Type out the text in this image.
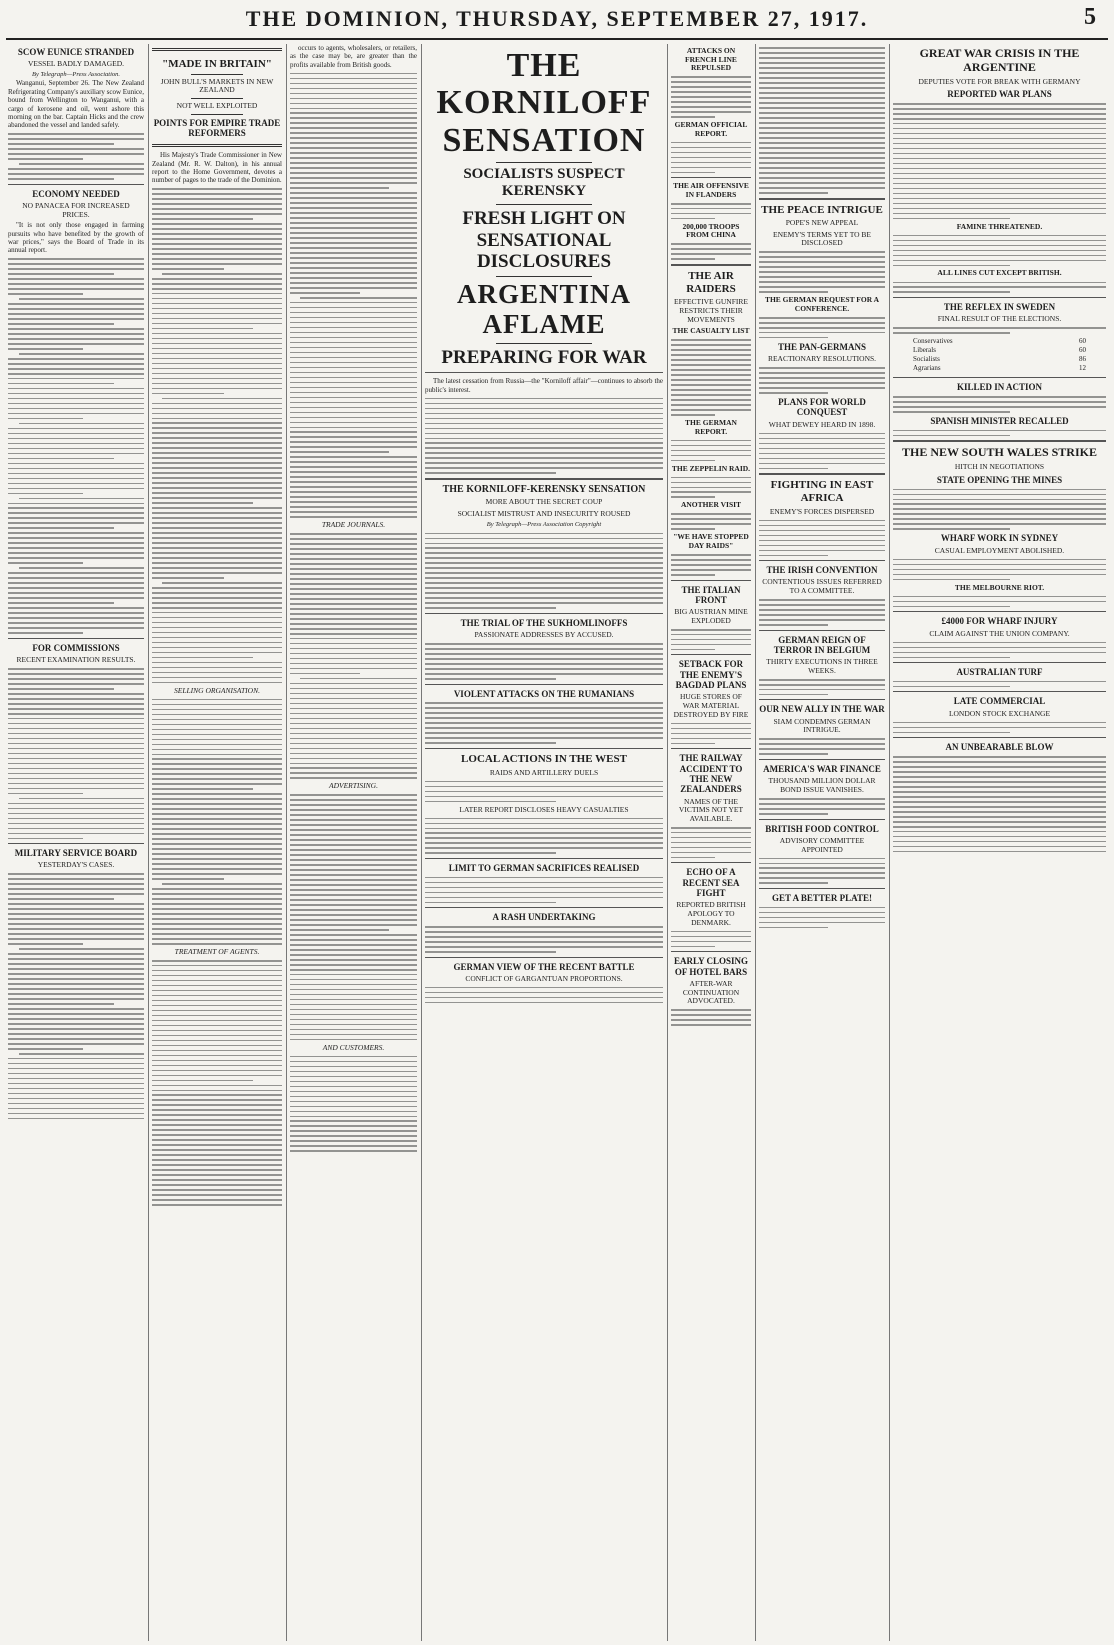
THE DOMINION, THURSDAY, SEPTEMBER 27, 1917.	5
SCOW EUNICE STRANDED
VESSEL BADLY DAMAGED.
By Telegraph—Press Association.

Wanganui, September 26. The New Zealand Refrigerating Company's auxiliary scow Eunice, bound from Wellington to Wanganui, with a cargo of kerosene and oil, went ashore this morning on the bar. Captain Hicks and the crew abandoned the vessel and landed safely.

ECONOMY NEEDED
NO PANACEA FOR INCREASED PRICES.

"It is not only those engaged in farming pursuits who have benefited by the growth of war prices," says the Board of Trade in its annual report.

FOR COMMISSIONS
RECENT EXAMINATION RESULTS.
MILITARY SERVICE BOARD
YESTERDAY'S CASES.
"MADE IN BRITAIN"
JOHN BULL'S MARKETS IN NEW ZEALAND
NOT WELL EXPLOITED
POINTS FOR EMPIRE TRADE REFORMERS

His Majesty's Trade Commissioner in New Zealand (Mr. R. W. Dalton), in his annual report to the Home Government, devotes a number of pages to the trade of the Dominion.

SELLING ORGANISATION.
TREATMENT OF AGENTS.

occurs to agents, wholesalers, or retailers, as the case may be, are greater than the profits available from British goods.

TRADE JOURNALS.
ADVERTISING.
AND CUSTOMERS.
THE KORNILOFF SENSATION
SOCIALISTS SUSPECT KERENSKY
FRESH LIGHT ON SENSATIONAL DISCLOSURES
ARGENTINA AFLAME
PREPARING FOR WAR

The latest cessation from Russia—the "Korniloff affair"—continues to absorb the public's interest.

THE KORNILOFF-KERENSKY SENSATION
MORE ABOUT THE SECRET COUP
SOCIALIST MISTRUST AND INSECURITY ROUSED
By Telegraph—Press Association Copyright
THE TRIAL OF THE SUKHOMLINOFFS
PASSIONATE ADDRESSES BY ACCUSED.
VIOLENT ATTACKS ON THE RUMANIANS
LOCAL ACTIONS IN THE WEST
RAIDS AND ARTILLERY DUELS
LATER REPORT DISCLOSES HEAVY CASUALTIES
LIMIT TO GERMAN SACRIFICES REALISED
A RASH UNDERTAKING
GERMAN VIEW OF THE RECENT BATTLE
CONFLICT OF GARGANTUAN PROPORTIONS.
ATTACKS ON FRENCH LINE REPULSED
GERMAN OFFICIAL REPORT.
THE AIR OFFENSIVE IN FLANDERS
200,000 TROOPS FROM CHINA
THE AIR RAIDERS
EFFECTIVE GUNFIRE RESTRICTS THEIR MOVEMENTS
THE CASUALTY LIST
THE GERMAN REPORT.
THE ZEPPELIN RAID.
ANOTHER VISIT
"WE HAVE STOPPED DAY RAIDS"
THE ITALIAN FRONT
BIG AUSTRIAN MINE EXPLODED
SETBACK FOR THE ENEMY'S BAGDAD PLANS
HUGE STORES OF WAR MATERIAL DESTROYED BY FIRE
THE RAILWAY ACCIDENT TO THE NEW ZEALANDERS
NAMES OF THE VICTIMS NOT YET AVAILABLE.
ECHO OF A RECENT SEA FIGHT
REPORTED BRITISH APOLOGY TO DENMARK.
EARLY CLOSING OF HOTEL BARS
AFTER-WAR CONTINUATION ADVOCATED.
THE PEACE INTRIGUE
POPE'S NEW APPEAL
ENEMY'S TERMS YET TO BE DISCLOSED
THE GERMAN REQUEST FOR A CONFERENCE.
THE PAN-GERMANS
REACTIONARY RESOLUTIONS.
PLANS FOR WORLD CONQUEST
WHAT DEWEY HEARD IN 1898.
FIGHTING IN EAST AFRICA
ENEMY'S FORCES DISPERSED
THE IRISH CONVENTION
CONTENTIOUS ISSUES REFERRED TO A COMMITTEE.
GERMAN REIGN OF TERROR IN BELGIUM
THIRTY EXECUTIONS IN THREE WEEKS.
OUR NEW ALLY IN THE WAR
SIAM CONDEMNS GERMAN INTRIGUE.
AMERICA'S WAR FINANCE
THOUSAND MILLION DOLLAR BOND ISSUE VANISHES.
BRITISH FOOD CONTROL
ADVISORY COMMITTEE APPOINTED
GET A BETTER PLATE!
GREAT WAR CRISIS IN THE ARGENTINE
DEPUTIES VOTE FOR BREAK WITH GERMANY
REPORTED WAR PLANS
FAMINE THREATENED.
ALL LINES CUT EXCEPT BRITISH.
THE REFLEX IN SWEDEN
FINAL RESULT OF THE ELECTIONS.
Conservatives	60
Liberals	60
Socialists	86
Agrarians	12
KILLED IN ACTION
SPANISH MINISTER RECALLED
THE NEW SOUTH WALES STRIKE
HITCH IN NEGOTIATIONS
STATE OPENING THE MINES
WHARF WORK IN SYDNEY
CASUAL EMPLOYMENT ABOLISHED.
THE MELBOURNE RIOT.
£4000 FOR WHARF INJURY
CLAIM AGAINST THE UNION COMPANY.
AUSTRALIAN TURF
LATE COMMERCIAL
LONDON STOCK EXCHANGE
AN UNBEARABLE BLOW
